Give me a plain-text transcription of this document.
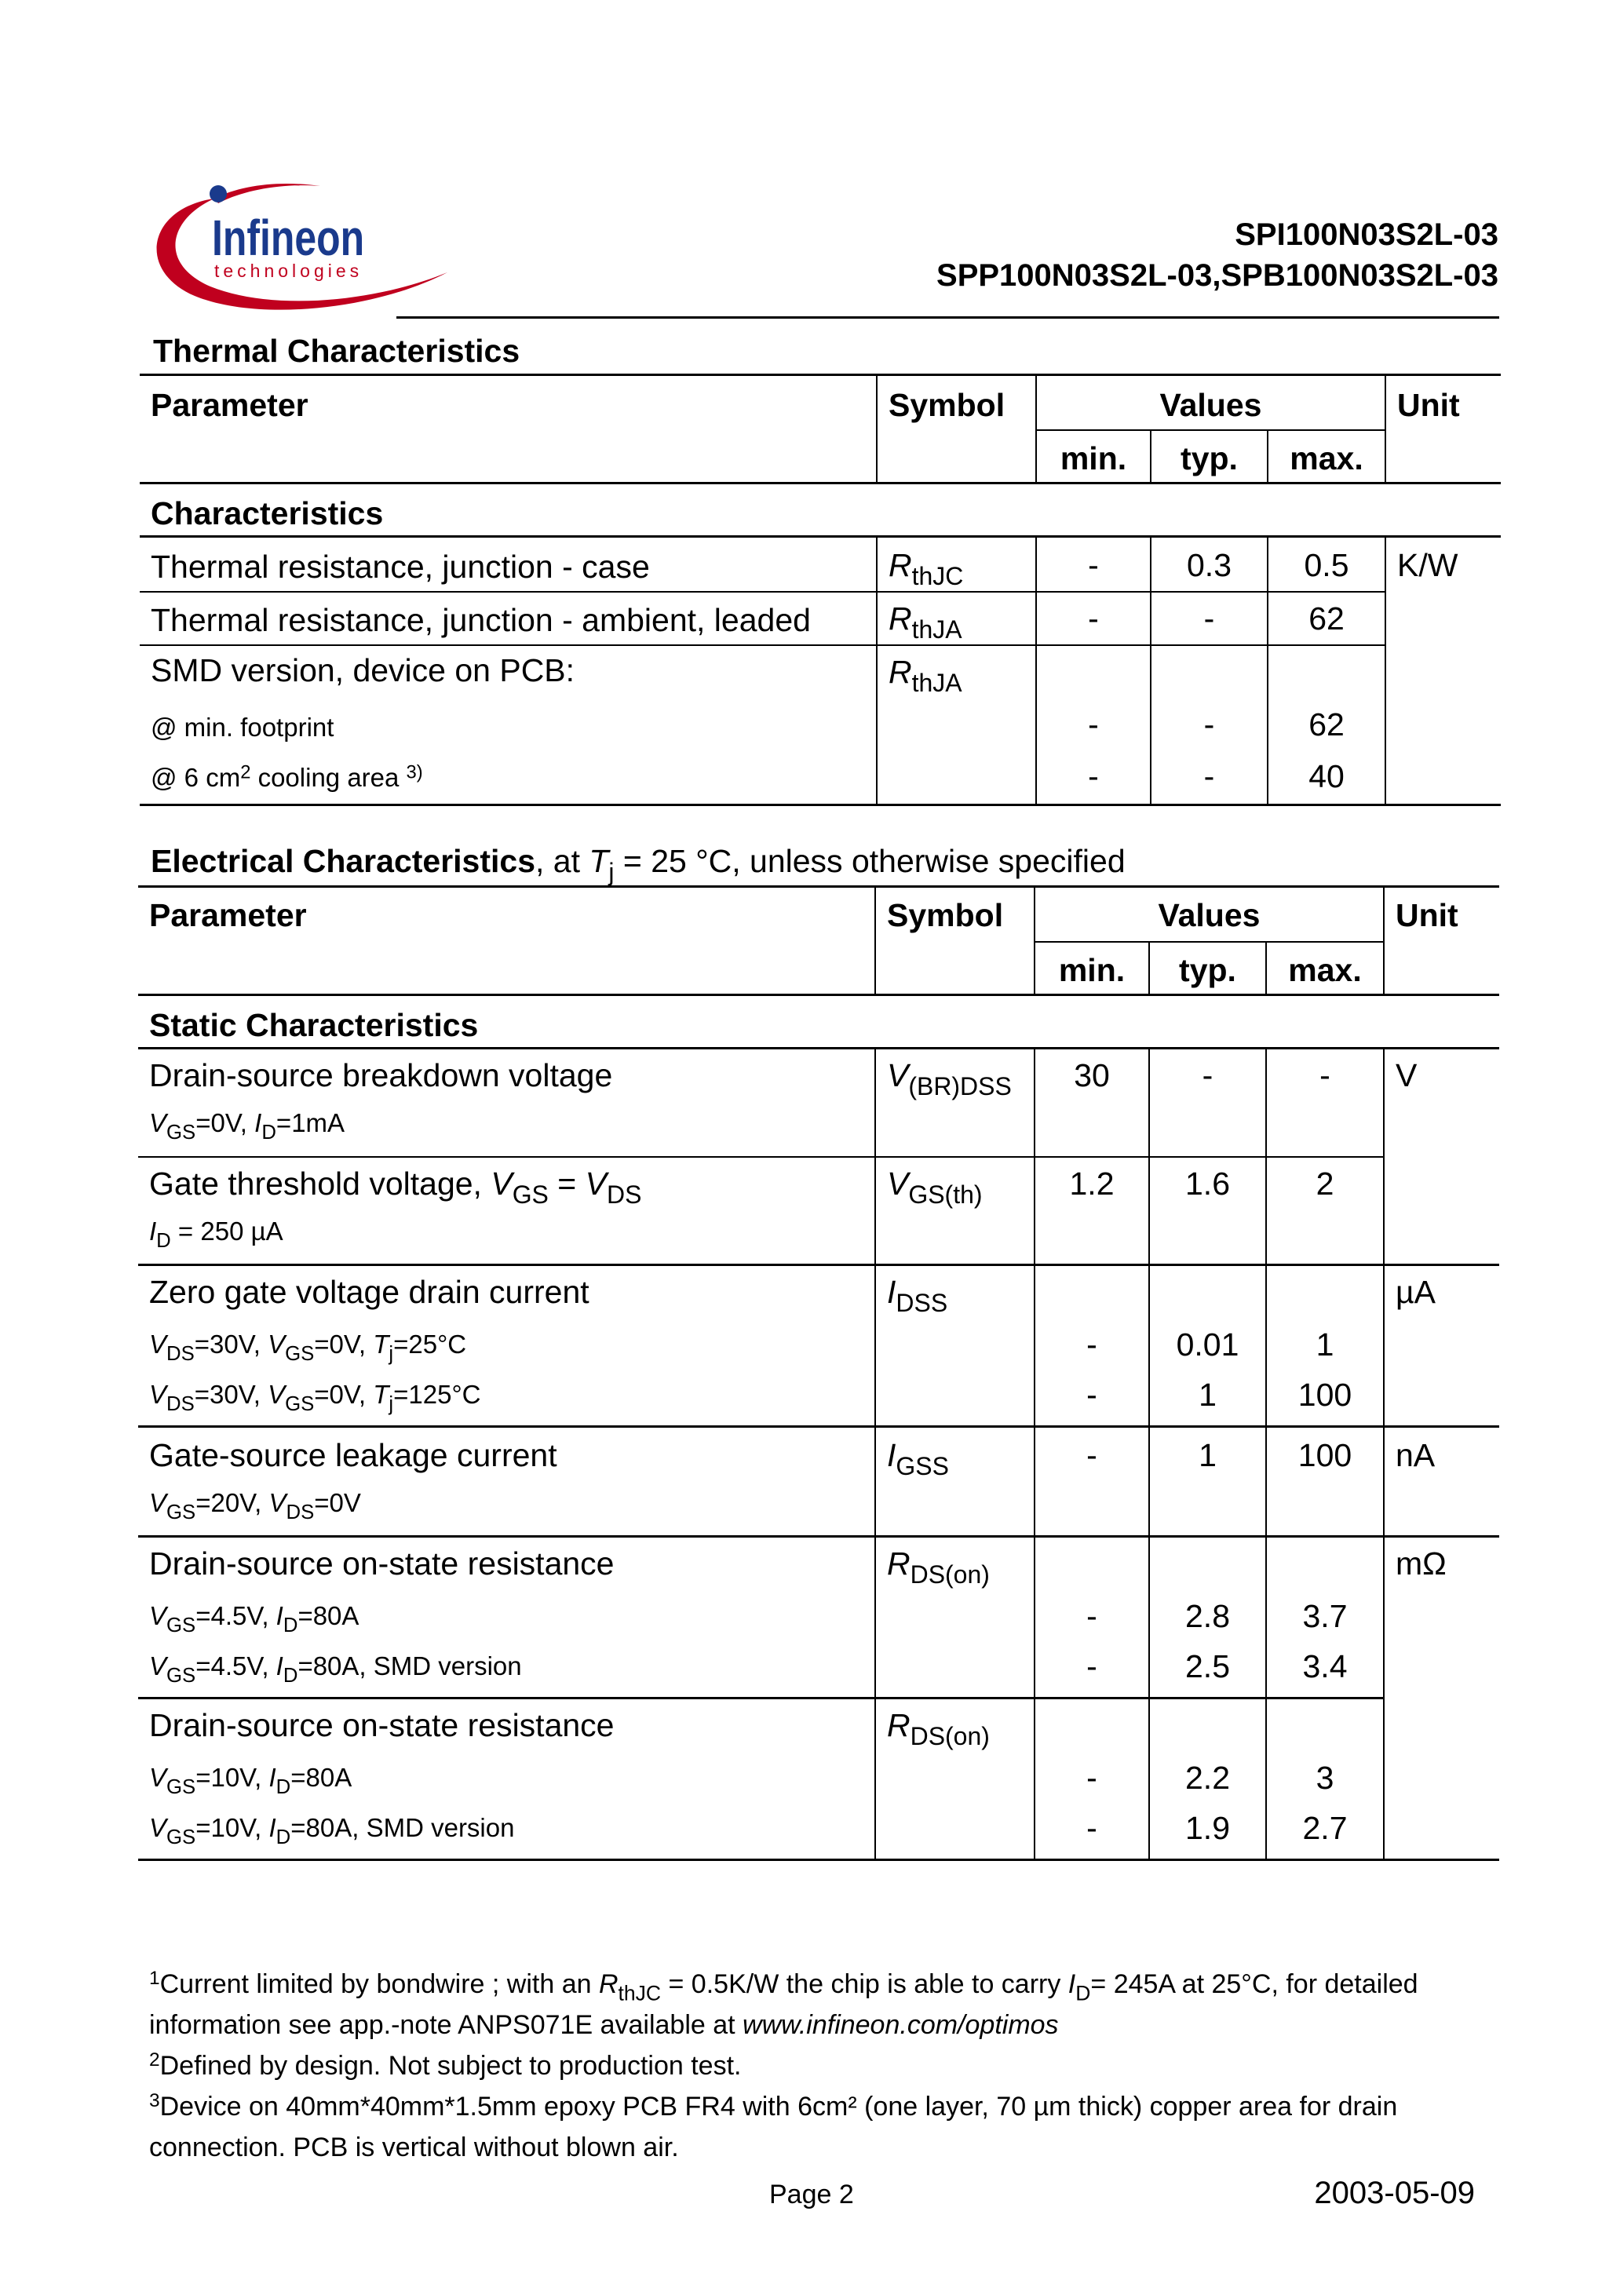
Infineon
technologies
SPI100N03S2L-03
SPP100N03S2L-03,SPB100N03S2L-03
Thermal Characteristics
Parameter	Symbol	Values			Unit
		min.	typ.	max.	
Characteristics					
Thermal resistance, junction - case	$R_{thJC}$	-	0.3	0.5	K/W
Thermal resistance, junction - ambient, leaded	$R_{thJA}$	-	-	62	
SMD version, device on PCB:	$R_{thJA}$			
@ min. footprint		-	-	62	
@ 6 $cm^2$ cooling area $^{3)}$		-	-	40	
Electrical Characteristics, at $T_j = 25$ °C, unless otherwise specified
Parameter	Symbol	Values			Unit
		min.	typ.	max.	
Static Characteristics					
Drain-source breakdown voltage	$V_{(BR)DSS}$	30	-	-	V
$V_{GS}=0V$, $I_D=1mA$					
Gate threshold voltage, $V_{GS} = V_{DS}$	$V_{GS(th)}$	1.2	1.6	2	
$I_D = 250$ µA					
Zero gate voltage drain current	$I_{DSS}$				µA
$V_{DS}=30V$, $V_{GS}=0V$, $T_j=25^\circ C$		-	0.01	1	
$V_{DS}=30V$, $V_{GS}=0V$, $T_j=125^\circ C$		-	1	100	
Gate-source leakage current	$I_{GSS}$	-	1	100	nA
$V_{GS}=20V$, $V_{DS}=0V$					
Drain-source on-state resistance	$R_{DS(on)}$				mΩ
$V_{GS}=4.5V$, $I_D=80A$		-	2.8	3.7	
$V_{GS}=4.5V$, $I_D=80A$, SMD version		-	2.5	3.4	
Drain-source on-state resistance	$R_{DS(on)}$			
$V_{GS}=10V$, $I_D=80A$		-	2.2	3	
$V_{GS}=10V$, $I_D=80A$, SMD version		-	1.9	2.7	

$^1$Current limited by bondwire ; with an $R_{thJC} = 0.5K/W$ the chip is able to carry $I_D= 245A$ at 25°C, for detailed

information see app.-note ANPS071E available at www.infineon.com/optimos

$^2$Defined by design. Not subject to production test.

$^3$Device on 40mm*40mm*1.5mm epoxy PCB FR4 with 6cm² (one layer, 70 µm thick) copper area for drain

connection. PCB is vertical without blown air.

Page 2	2003-05-09
